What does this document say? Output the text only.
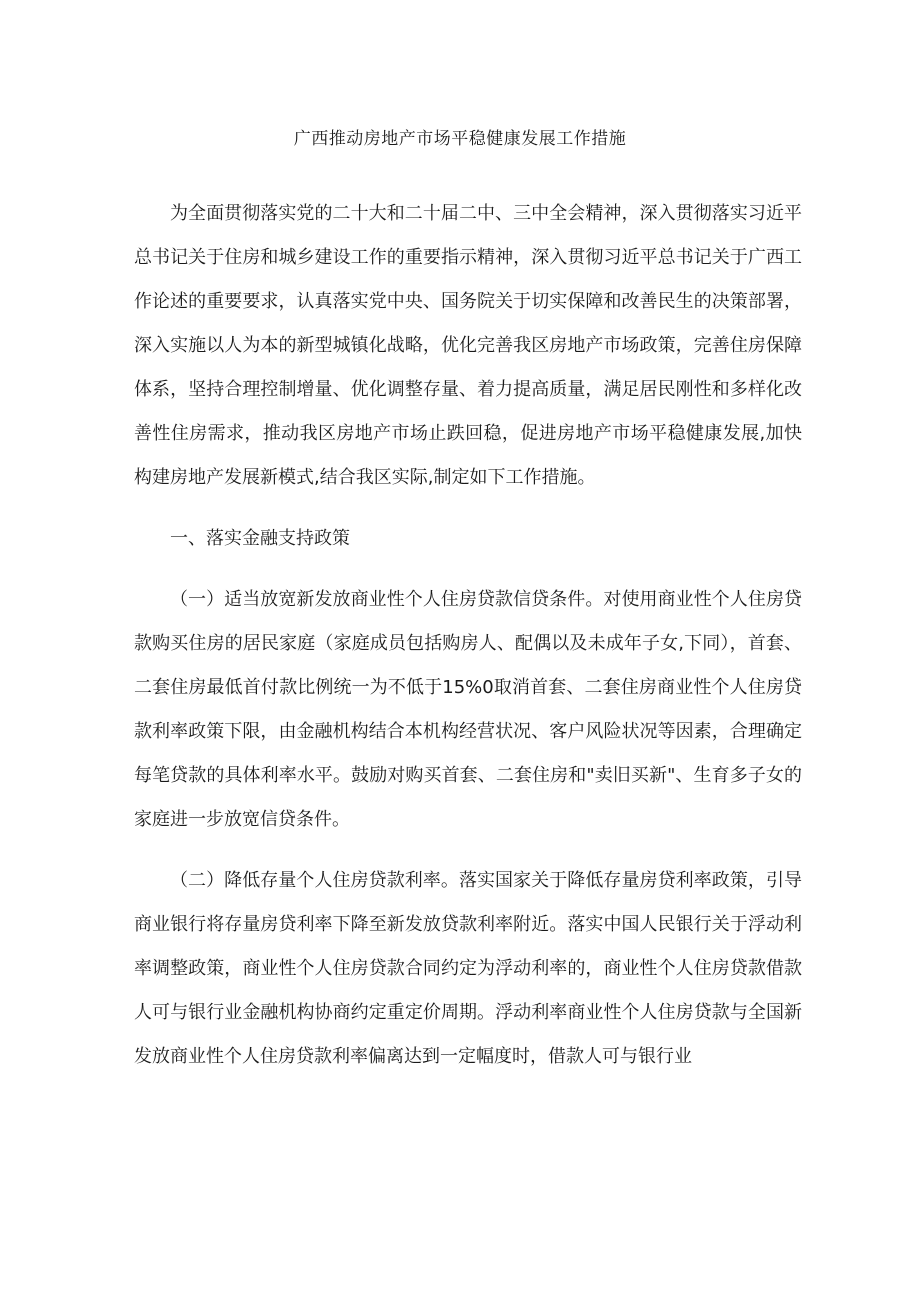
广西推动房地产市场平稳健康发展工作措施

为全面贯彻落实党的二十大和二十届二中、三中全会精神，深入贯彻落实习近平总书记关于住房和城乡建设工作的重要指示精神，深入贯彻习近平总书记关于广西工作论述的重要要求，认真落实党中央、国务院关于切实保障和改善民生的决策部署，深入实施以人为本的新型城镇化战略，优化完善我区房地产市场政策，完善住房保障体系，坚持合理控制增量、优化调整存量、着力提高质量，满足居民刚性和多样化改善性住房需求，推动我区房地产市场止跌回稳，促进房地产市场平稳健康发展,加快构建房地产发展新模式,结合我区实际,制定如下工作措施。

一、落实金融支持政策

（一）适当放宽新发放商业性个人住房贷款信贷条件。对使用商业性个人住房贷款购买住房的居民家庭（家庭成员包括购房人、配偶以及未成年子女,下同），首套、二套住房最低首付款比例统一为不低于15%0取消首套、二套住房商业性个人住房贷款利率政策下限，由金融机构结合本机构经营状况、客户风险状况等因素，合理确定每笔贷款的具体利率水平。鼓励对购买首套、二套住房和"卖旧买新"、生育多子女的家庭进一步放宽信贷条件。

（二）降低存量个人住房贷款利率。落实国家关于降低存量房贷利率政策，引导商业银行将存量房贷利率下降至新发放贷款利率附近。落实中国人民银行关于浮动利率调整政策，商业性个人住房贷款合同约定为浮动利率的，商业性个人住房贷款借款人可与银行业金融机构协商约定重定价周期。浮动利率商业性个人住房贷款与全国新发放商业性个人住房贷款利率偏离达到一定幅度时，借款人可与银行业
